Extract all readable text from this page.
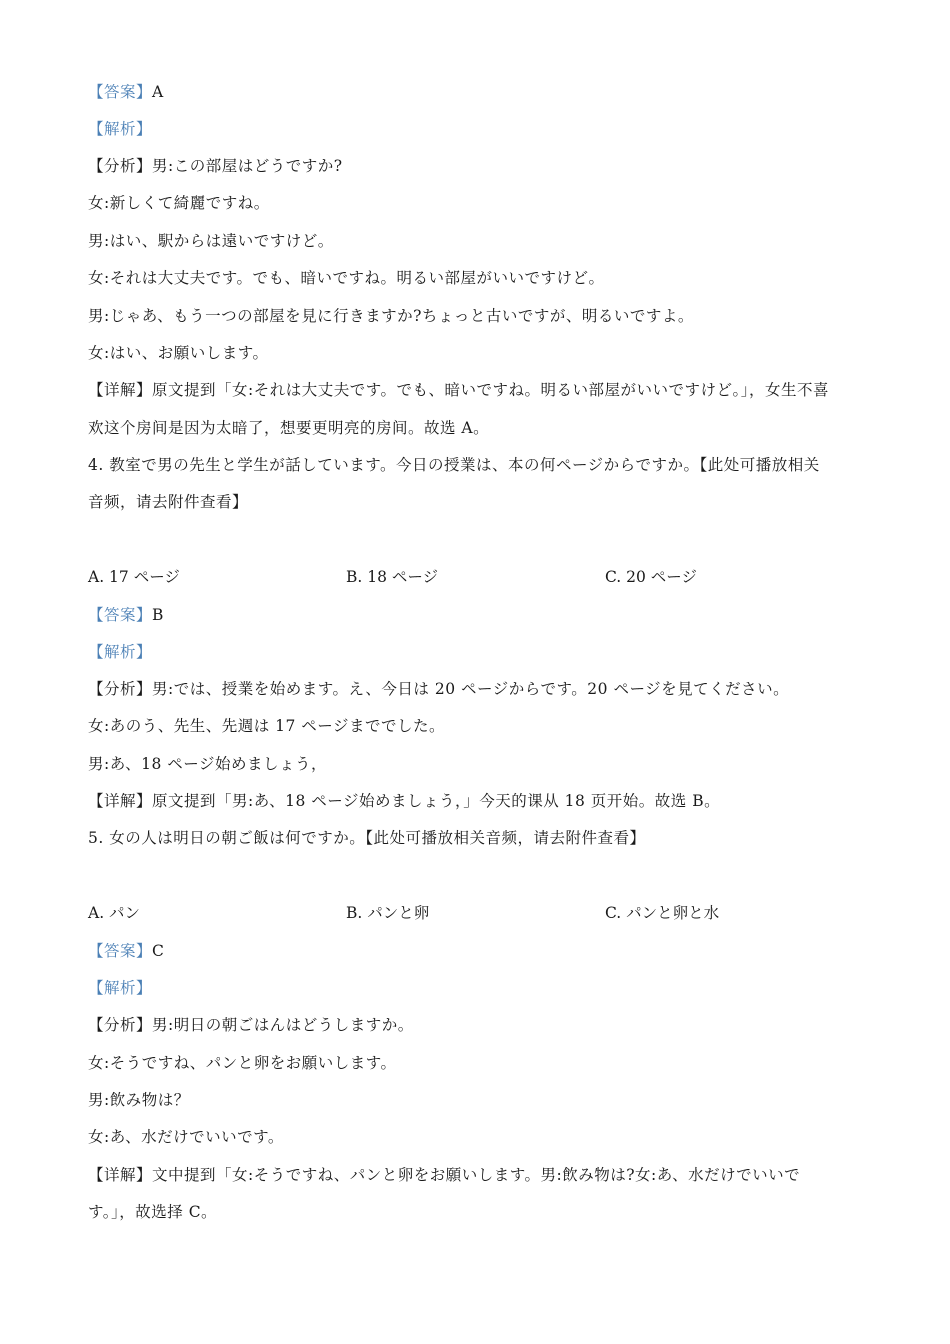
【答案】A
【解析】
【分析】男:この部屋はどうですか?
女:新しくて綺麗ですね。
男:はい、駅からは遠いですけど。
女:それは大丈夫です。でも、暗いですね。明るい部屋がいいですけど。
男:じゃあ、もう一つの部屋を見に行きますか?ちょっと古いですが、明るいですよ。
女:はい、お願いします。
【详解】原文提到「女:それは大丈夫です。でも、暗いですね。明るい部屋がいいですけど。」，女生不喜
欢这个房间是因为太暗了，想要更明亮的房间。故选 A。
4. 教室で男の先生と学生が話しています。今日の授業は、本の何ページからですか。【此处可播放相关
音频，请去附件查看】
A. 17 ページ	B. 18 ページ	C. 20 ページ
【答案】B
【解析】
【分析】男:では、授業を始めます。え、今日は 20 ページからです。20 ページを見てください。
女:あのう、先生、先週は 17 ページまででした。
男:あ、18 ページ始めましょう，
【详解】原文提到「男:あ、18 ページ始めましょう，」今天的课从 18 页开始。故选 B。
5. 女の人は明日の朝ご飯は何ですか。【此处可播放相关音频，请去附件查看】
A. パン	B. パンと卵	C. パンと卵と水
【答案】C
【解析】
【分析】男:明日の朝ごはんはどうしますか。
女:そうですね、パンと卵をお願いします。
男:飲み物は？
女:あ、水だけでいいです。
【详解】文中提到「女:そうですね、パンと卵をお願いします。男:飲み物は?女:あ、水だけでいいで
す。」，故选择 C。
